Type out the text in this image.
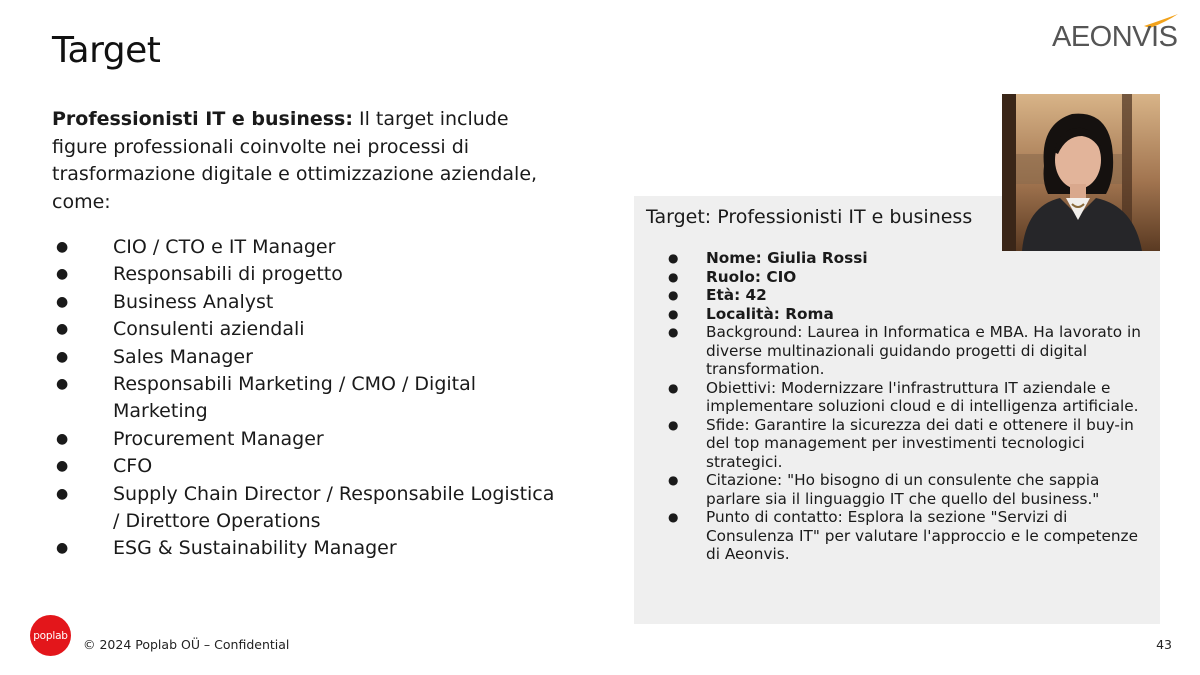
Target	AEONVIS

Professionisti IT e business: Il target include figure professionali coinvolte nei processi di trasformazione digitale e ottimizzazione aziendale, come:

● CIO / CTO e IT Manager
● Responsabili di progetto
● Business Analyst
● Consulenti aziendali
● Sales Manager
● Responsabili Marketing / CMO / Digital Marketing
● Procurement Manager
● CFO
● Supply Chain Director / Responsabile Logistica / Direttore Operations
● ESG & Sustainability Manager
Target: Professionisti IT e business
● Nome: Giulia Rossi
● Ruolo: CIO
● Età: 42
● Località: Roma
● Background: Laurea in Informatica e MBA. Ha lavorato in diverse multinazionali guidando progetti di digital transformation.
● Obiettivi: Modernizzare l'infrastruttura IT aziendale e implementare soluzioni cloud e di intelligenza artificiale.
● Sfide: Garantire la sicurezza dei dati e ottenere il buy-in del top management per investimenti tecnologici strategici.
● Citazione: "Ho bisogno di un consulente che sappia parlare sia il linguaggio IT che quello del business."
● Punto di contatto: Esplora la sezione "Servizi di Consulenza IT" per valutare l'approccio e le competenze di Aeonvis.
poplab
© 2024 Poplab OÜ – Confidential	43
